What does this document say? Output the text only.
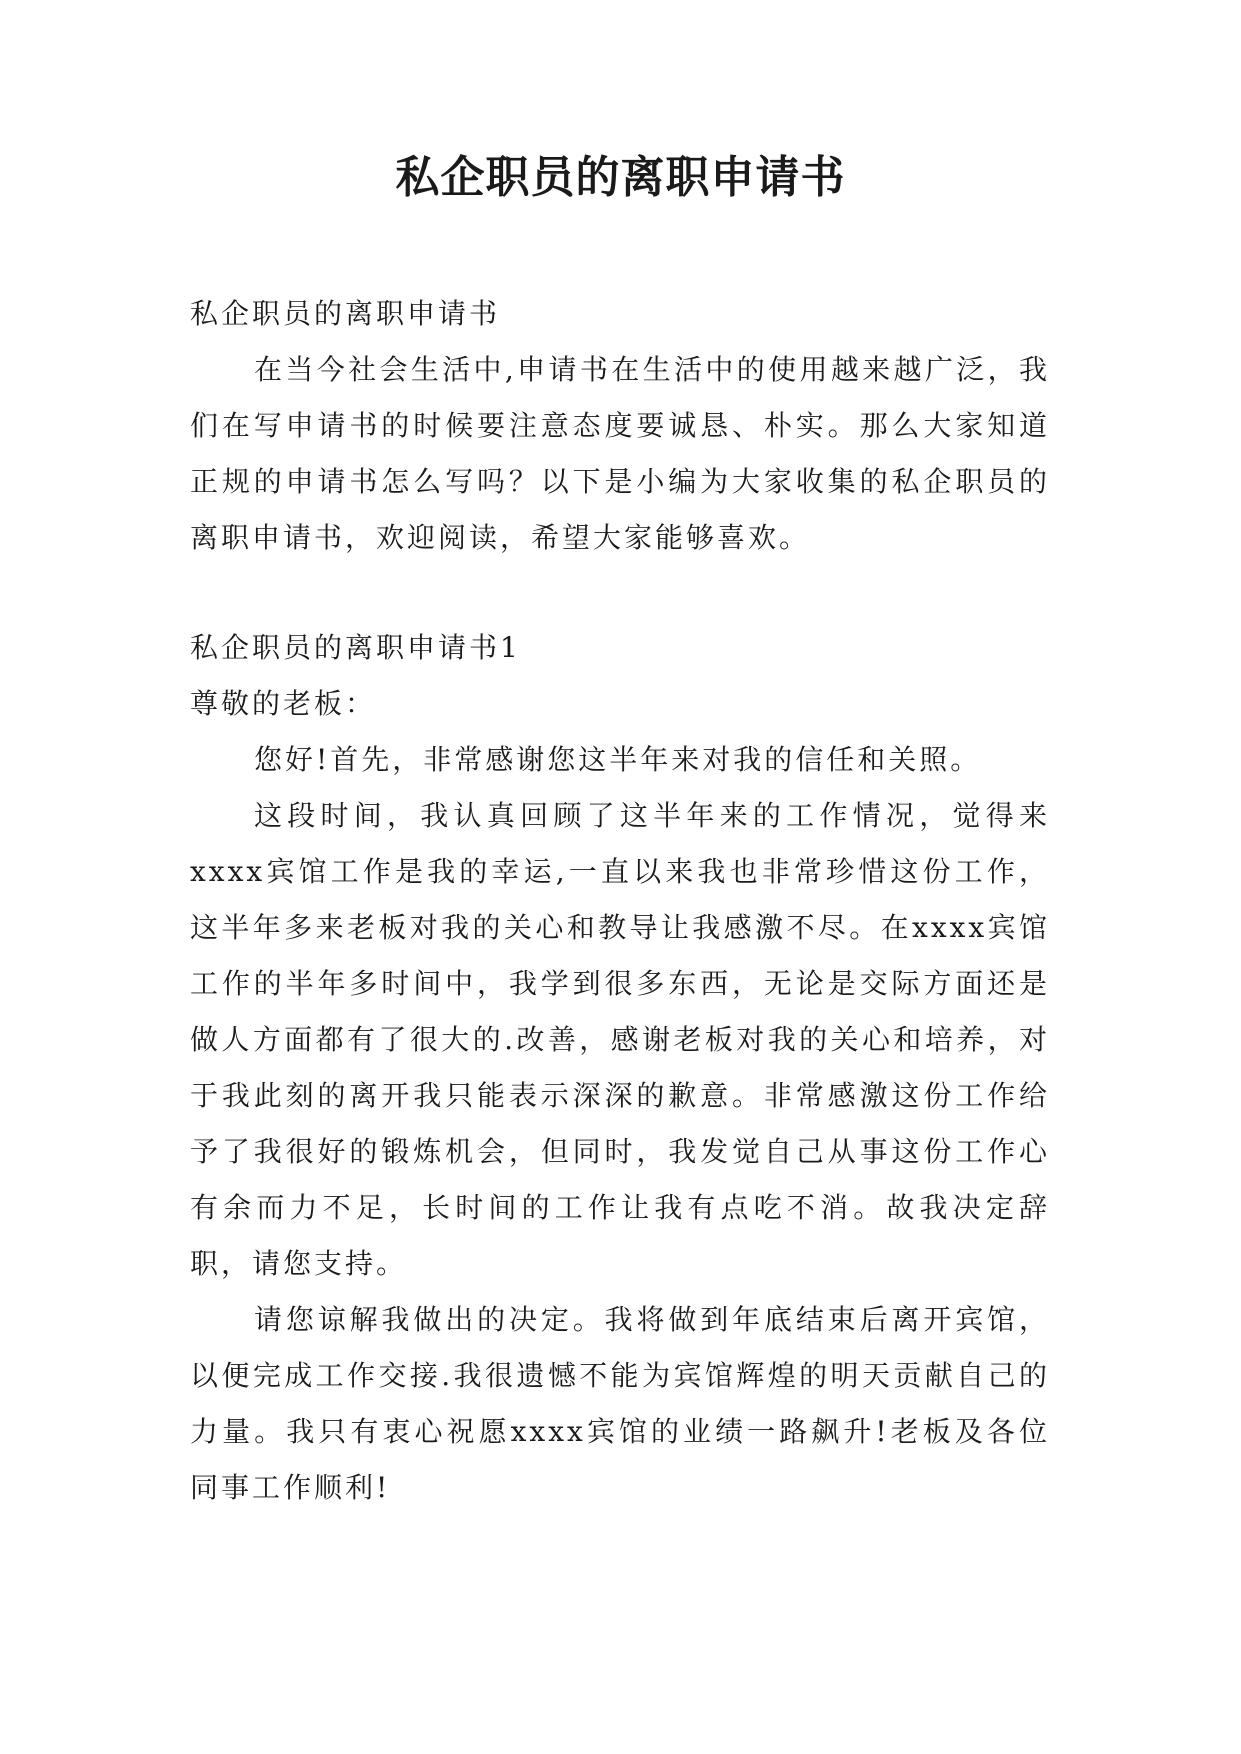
私企职员的离职申请书

私企职员的离职申请书

在当今社会生活中,申请书在生活中的使用越来越广泛，我们在写申请书的时候要注意态度要诚恳、朴实。那么大家知道正规的申请书怎么写吗？以下是小编为大家收集的私企职员的离职申请书，欢迎阅读，希望大家能够喜欢。

私企职员的离职申请书1

尊敬的老板：

您好!首先，非常感谢您这半年来对我的信任和关照。

这段时间，我认真回顾了这半年来的工作情况，觉得来xxxx宾馆工作是我的幸运,一直以来我也非常珍惜这份工作，这半年多来老板对我的关心和教导让我感激不尽。在xxxx宾馆工作的半年多时间中，我学到很多东西，无论是交际方面还是做人方面都有了很大的.改善，感谢老板对我的关心和培养，对于我此刻的离开我只能表示深深的歉意。非常感激这份工作给予了我很好的锻炼机会，但同时，我发觉自己从事这份工作心有余而力不足，长时间的工作让我有点吃不消。故我决定辞职，请您支持。

请您谅解我做出的决定。我将做到年底结束后离开宾馆，以便完成工作交接.我很遗憾不能为宾馆辉煌的明天贡献自己的力量。我只有衷心祝愿xxxx宾馆的业绩一路飙升!老板及各位同事工作顺利!
